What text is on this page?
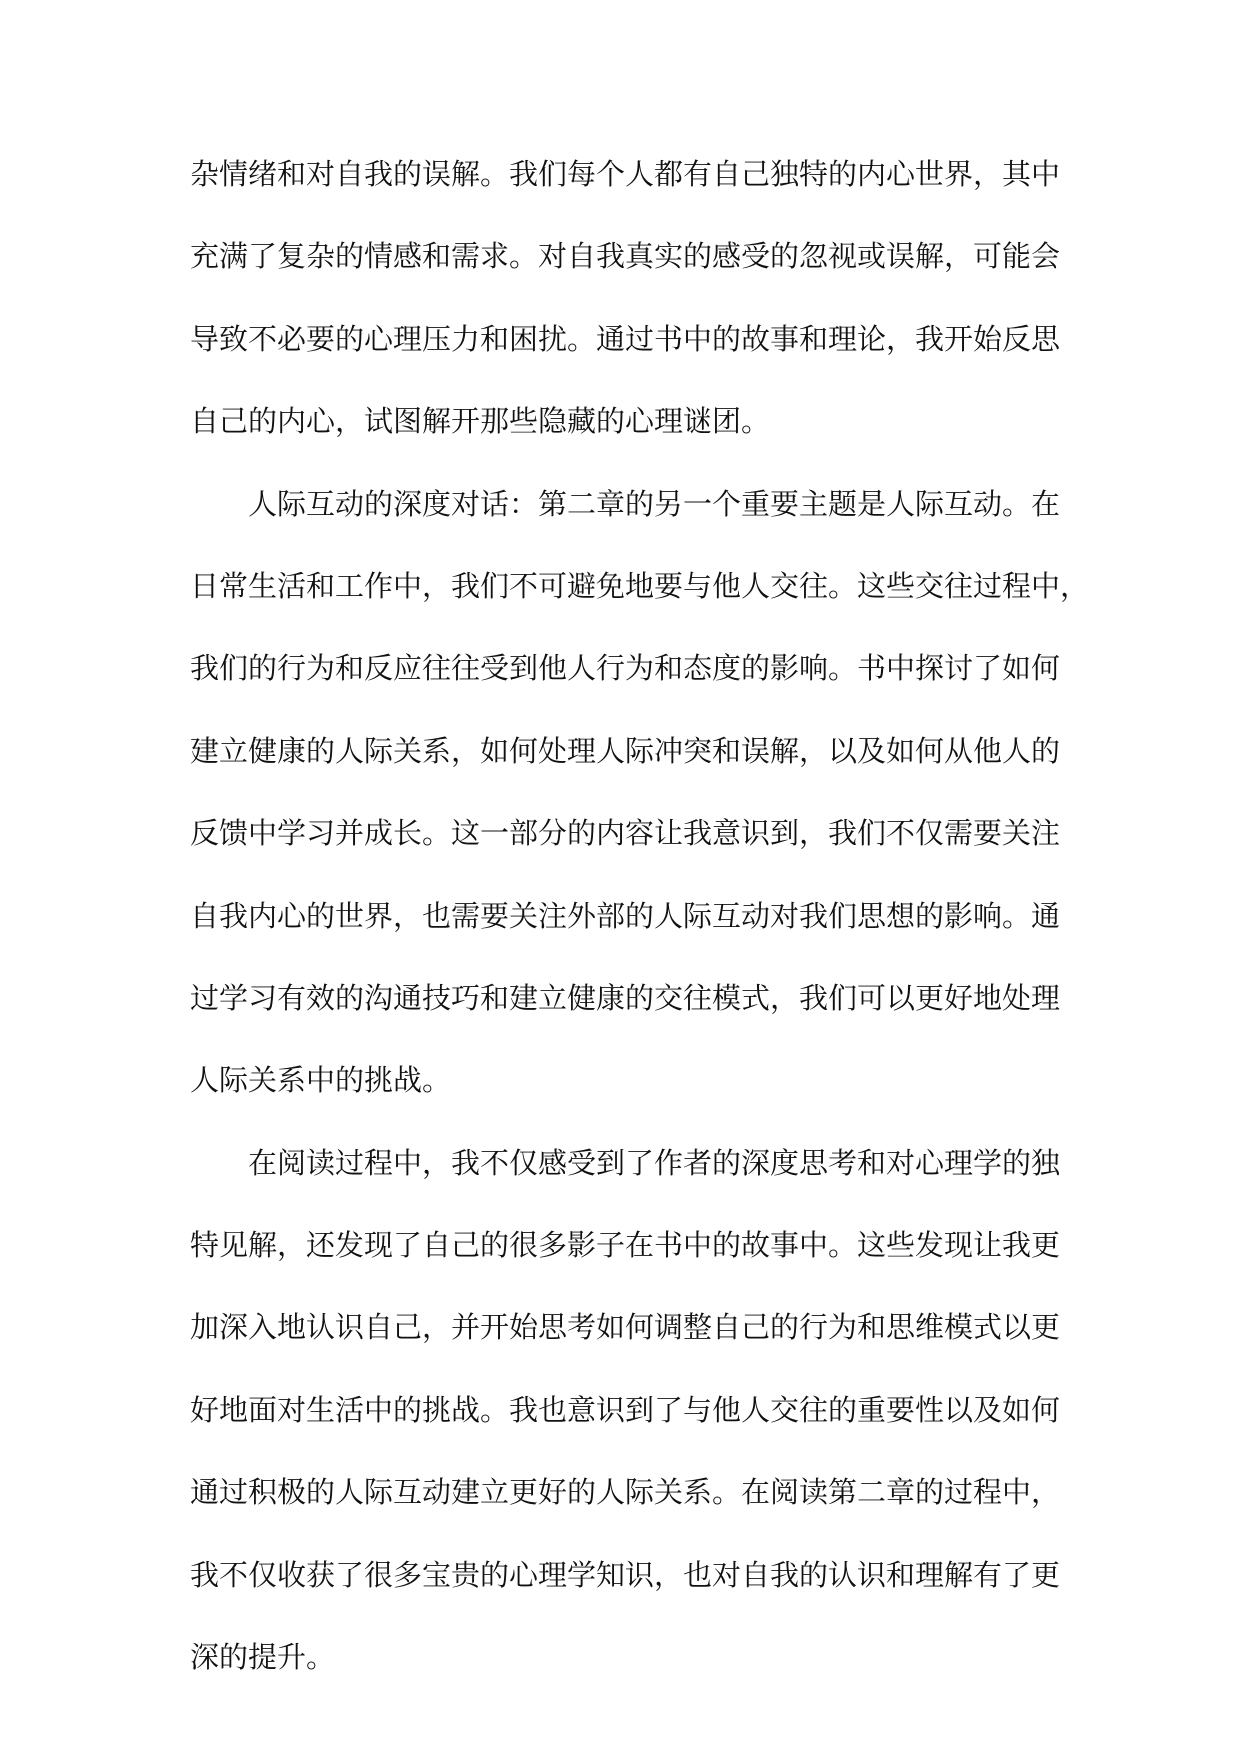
杂情绪和对自我的误解。我们每个人都有自己独特的内心世界，其中
充满了复杂的情感和需求。对自我真实的感受的忽视或误解，可能会
导致不必要的心理压力和困扰。通过书中的故事和理论，我开始反思
自己的内心，试图解开那些隐藏的心理谜团。
人际互动的深度对话：第二章的另一个重要主题是人际互动。在
日常生活和工作中，我们不可避免地要与他人交往。这些交往过程中，
我们的行为和反应往往受到他人行为和态度的影响。书中探讨了如何
建立健康的人际关系，如何处理人际冲突和误解，以及如何从他人的
反馈中学习并成长。这一部分的内容让我意识到，我们不仅需要关注
自我内心的世界，也需要关注外部的人际互动对我们思想的影响。通
过学习有效的沟通技巧和建立健康的交往模式，我们可以更好地处理
人际关系中的挑战。
在阅读过程中，我不仅感受到了作者的深度思考和对心理学的独
特见解，还发现了自己的很多影子在书中的故事中。这些发现让我更
加深入地认识自己，并开始思考如何调整自己的行为和思维模式以更
好地面对生活中的挑战。我也意识到了与他人交往的重要性以及如何
通过积极的人际互动建立更好的人际关系。在阅读第二章的过程中，
我不仅收获了很多宝贵的心理学知识，也对自我的认识和理解有了更
深的提升。
